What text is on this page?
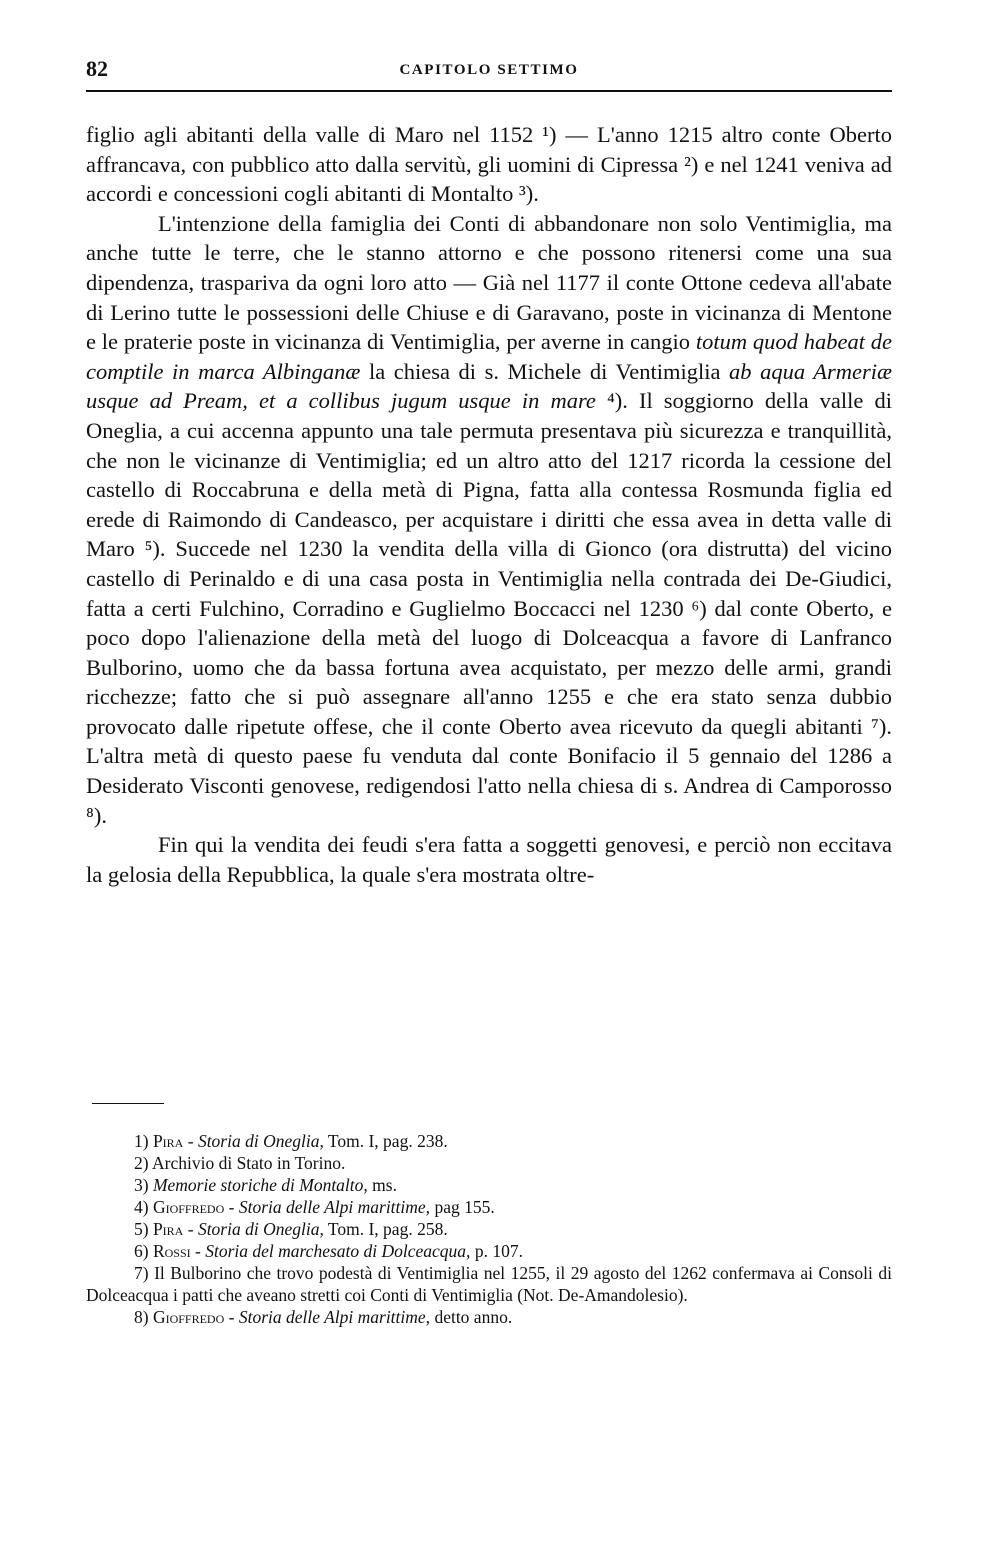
82	CAPITOLO SETTIMO

figlio agli abitanti della valle di Maro nel 1152 ¹) — L'anno 1215 altro conte Oberto affrancava, con pubblico atto dalla servitù, gli uomini di Cipressa ²) e nel 1241 veniva ad accordi e concessioni cogli abitanti di Montalto ³).

L'intenzione della famiglia dei Conti di abbandonare non solo Ventimiglia, ma anche tutte le terre, che le stanno attorno e che possono ritenersi come una sua dipendenza, traspariva da ogni loro atto — Già nel 1177 il conte Ottone cedeva all'abate di Lerino tutte le possessioni delle Chiuse e di Garavano, poste in vicinanza di Mentone e le praterie poste in vicinanza di Ventimiglia, per averne in cangio totum quod habeat de comptile in marca Albinganæ la chiesa di s. Michele di Ventimiglia ab aqua Armeriæ usque ad Pream, et a collibus jugum usque in mare ⁴). Il soggiorno della valle di Oneglia, a cui accenna appunto una tale permuta presentava più sicurezza e tranquillità, che non le vicinanze di Ventimiglia; ed un altro atto del 1217 ricorda la cessione del castello di Roccabruna e della metà di Pigna, fatta alla contessa Rosmunda figlia ed erede di Raimondo di Candeasco, per acquistare i diritti che essa avea in detta valle di Maro ⁵). Succede nel 1230 la vendita della villa di Gionco (ora distrutta) del vicino castello di Perinaldo e di una casa posta in Ventimiglia nella contrada dei De-Giudici, fatta a certi Fulchino, Corradino e Guglielmo Boccacci nel 1230 ⁶) dal conte Oberto, e poco dopo l'alienazione della metà del luogo di Dolceacqua a favore di Lanfranco Bulborino, uomo che da bassa fortuna avea acquistato, per mezzo delle armi, grandi ricchezze; fatto che si può assegnare all'anno 1255 e che era stato senza dubbio provocato dalle ripetute offese, che il conte Oberto avea ricevuto da quegli abitanti ⁷). L'altra metà di questo paese fu venduta dal conte Bonifacio il 5 gennaio del 1286 a Desiderato Visconti genovese, redigendosi l'atto nella chiesa di s. Andrea di Camporosso ⁸).

Fin qui la vendita dei feudi s'era fatta a soggetti genovesi, e perciò non eccitava la gelosia della Repubblica, la quale s'era mostrata oltre-

1) Pira - Storia di Oneglia, Tom. I, pag. 238.

2) Archivio di Stato in Torino.

3) Memorie storiche di Montalto, ms.

4) Gioffredo - Storia delle Alpi marittime, pag 155.

5) Pira - Storia di Oneglia, Tom. I, pag. 258.

6) Rossi - Storia del marchesato di Dolceacqua, p. 107.

7) Il Bulborino che trovo podestà di Ventimiglia nel 1255, il 29 agosto del 1262 confermava ai Consoli di Dolceacqua i patti che aveano stretti coi Conti di Ventimiglia (Not. De-Amandolesio).

8) Gioffredo - Storia delle Alpi marittime, detto anno.
